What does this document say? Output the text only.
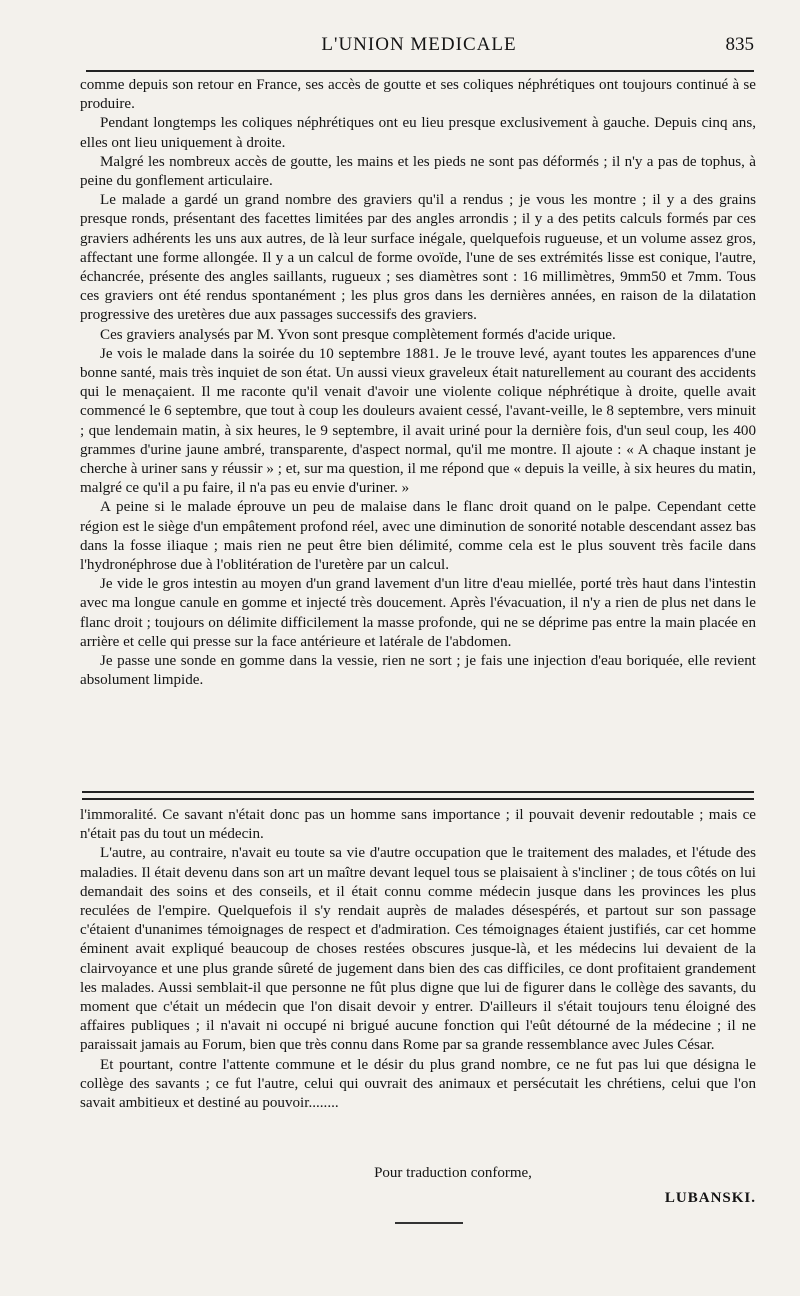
L'UNION MEDICALE	835

comme depuis son retour en France, ses accès de goutte et ses coliques néphrétiques ont toujours continué à se produire.

Pendant longtemps les coliques néphrétiques ont eu lieu presque exclusivement à gauche. Depuis cinq ans, elles ont lieu uniquement à droite.

Malgré les nombreux accès de goutte, les mains et les pieds ne sont pas déformés ; il n'y a pas de tophus, à peine du gonflement articulaire.

Le malade a gardé un grand nombre des graviers qu'il a rendus ; je vous les montre ; il y a des grains presque ronds, présentant des facettes limitées par des angles arrondis ; il y a des petits calculs formés par ces graviers adhérents les uns aux autres, de là leur surface inégale, quelquefois rugueuse, et un volume assez gros, affectant une forme allongée. Il y a un calcul de forme ovoïde, l'une de ses extrémités lisse est conique, l'autre, échancrée, présente des angles saillants, rugueux ; ses diamètres sont : 16 millimètres, 9mm50 et 7mm. Tous ces graviers ont été rendus spontanément ; les plus gros dans les dernières années, en raison de la dilatation progressive des uretères due aux passages successifs des graviers.

Ces graviers analysés par M. Yvon sont presque complètement formés d'acide urique.

Je vois le malade dans la soirée du 10 septembre 1881. Je le trouve levé, ayant toutes les apparences d'une bonne santé, mais très inquiet de son état. Un aussi vieux graveleux était naturellement au courant des accidents qui le menaçaient. Il me raconte qu'il venait d'avoir une violente colique néphrétique à droite, quelle avait commencé le 6 septembre, que tout à coup les douleurs avaient cessé, l'avant-veille, le 8 septembre, vers minuit ; que lendemain matin, à six heures, le 9 septembre, il avait uriné pour la dernière fois, d'un seul coup, les 400 grammes d'urine jaune ambré, transparente, d'aspect normal, qu'il me montre. Il ajoute : « A chaque instant je cherche à uriner sans y réussir » ; et, sur ma question, il me répond que « depuis la veille, à six heures du matin, malgré ce qu'il a pu faire, il n'a pas eu envie d'uriner. »

A peine si le malade éprouve un peu de malaise dans le flanc droit quand on le palpe. Cependant cette région est le siège d'un empâtement profond réel, avec une diminution de sonorité notable descendant assez bas dans la fosse iliaque ; mais rien ne peut être bien délimité, comme cela est le plus souvent très facile dans l'hydronéphrose due à l'oblitération de l'uretère par un calcul.

Je vide le gros intestin au moyen d'un grand lavement d'un litre d'eau miellée, porté très haut dans l'intestin avec ma longue canule en gomme et injecté très doucement. Après l'évacuation, il n'y a rien de plus net dans le flanc droit ; toujours on délimite difficilement la masse profonde, qui ne se déprime pas entre la main placée en arrière et celle qui presse sur la face antérieure et latérale de l'abdomen.

Je passe une sonde en gomme dans la vessie, rien ne sort ; je fais une injection d'eau boriquée, elle revient absolument limpide.

l'immoralité. Ce savant n'était donc pas un homme sans importance ; il pouvait devenir redoutable ; mais ce n'était pas du tout un médecin.

L'autre, au contraire, n'avait eu toute sa vie d'autre occupation que le traitement des malades, et l'étude des maladies. Il était devenu dans son art un maître devant lequel tous se plaisaient à s'incliner ; de tous côtés on lui demandait des soins et des conseils, et il était connu comme médecin jusque dans les provinces les plus reculées de l'empire. Quelquefois il s'y rendait auprès de malades désespérés, et partout sur son passage c'étaient d'unanimes témoignages de respect et d'admiration. Ces témoignages étaient justifiés, car cet homme éminent avait expliqué beaucoup de choses restées obscures jusque-là, et les médecins lui devaient de la clairvoyance et une plus grande sûreté de jugement dans bien des cas difficiles, ce dont profitaient grandement les malades. Aussi semblait-il que personne ne fût plus digne que lui de figurer dans le collège des savants, du moment que c'était un médecin que l'on disait devoir y entrer. D'ailleurs il s'était toujours tenu éloigné des affaires publiques ; il n'avait ni occupé ni brigué aucune fonction qui l'eût détourné de la médecine ; il ne paraissait jamais au Forum, bien que très connu dans Rome par sa grande ressemblance avec Jules César.

Et pourtant, contre l'attente commune et le désir du plus grand nombre, ce ne fut pas lui que désigna le collège des savants ; ce fut l'autre, celui qui ouvrait des animaux et persécutait les chrétiens, celui que l'on savait ambitieux et destiné au pouvoir........

Pour traduction conforme,
LUBANSKI.
